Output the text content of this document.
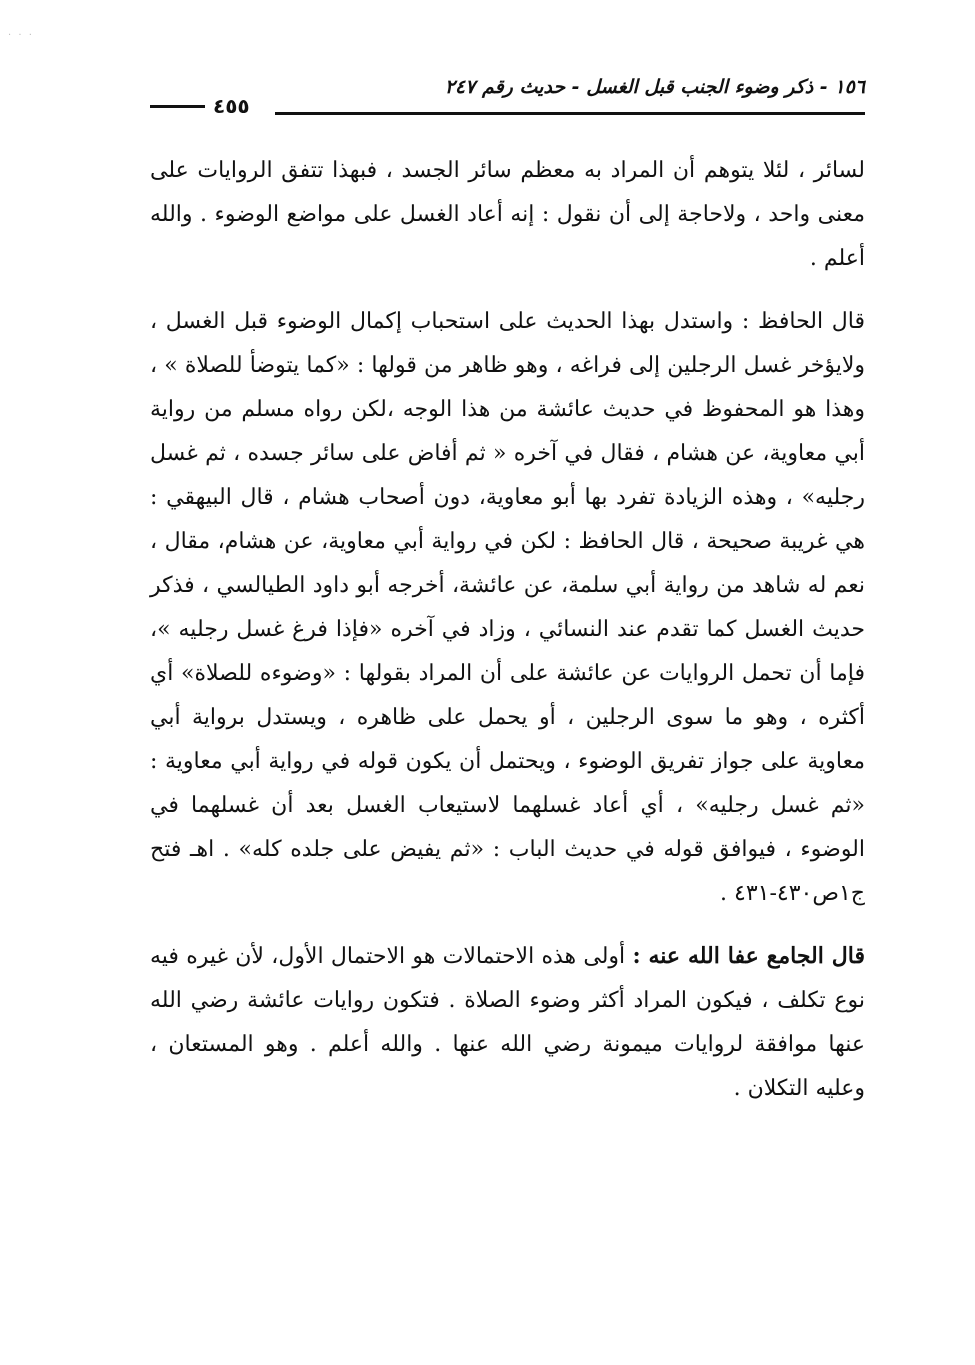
· · ·
١٥٦ - ذكر وضوء الجنب قبل الغسل - حديث رقم ٢٤٧
٤٥٥

لسائر ، لئلا يتوهم أن المراد به معظم سائر الجسد ، فبهذا تتفق الروايات على معنى واحد ، ولاحاجة إلى أن نقول : إنه أعاد الغسل على مواضع الوضوء . والله أعلم .

قال الحافظ : واستدل بهذا الحديث على استحباب إكمال الوضوء قبل الغسل ، ولايؤخر غسل الرجلين إلى فراغه ، وهو ظاهر من قولها : «كما يتوضأ للصلاة » ، وهذا هو المحفوظ في حديث عائشة من هذا الوجه ،لكن رواه مسلم من رواية أبي معاوية، عن هشام ، فقال في آخره « ثم أفاض على سائر جسده ، ثم غسل رجليه» ، وهذه الزيادة تفرد بها أبو معاوية، دون أصحاب هشام ، قال البيهقي : هي غريبة صحيحة ، قال الحافظ : لكن في رواية أبي معاوية، عن هشام، مقال ، نعم له شاهد من رواية أبي سلمة، عن عائشة، أخرجه أبو داود الطيالسي ، فذكر حديث الغسل كما تقدم عند النسائي ، وزاد في آخره «فإذا فرغ غسل رجليه »، فإما أن تحمل الروايات عن عائشة على أن المراد بقولها : «وضوءه للصلاة» أي أكثره ، وهو ما سوى الرجلين ، أو يحمل على ظاهره ، ويستدل برواية أبي معاوية على جواز تفريق الوضوء ، ويحتمل أن يكون قوله في رواية أبي معاوية : «ثم غسل رجليه» ، أي أعاد غسلهما لاستيعاب الغسل بعد أن غسلهما في الوضوء ، فيوافق قوله في حديث الباب : «ثم يفيض على جلده كله» . اهـ فتح ج١ص٤٣٠-٤٣١ .

قال الجامع عفا الله عنه : أولى هذه الاحتمالات هو الاحتمال الأول، لأن غيره فيه نوع تكلف ، فيكون المراد أكثر وضوء الصلاة . فتكون روايات عائشة رضي الله عنها موافقة لروايات ميمونة رضي الله عنها . والله أعلم . وهو المستعان ، وعليه التكلان .
